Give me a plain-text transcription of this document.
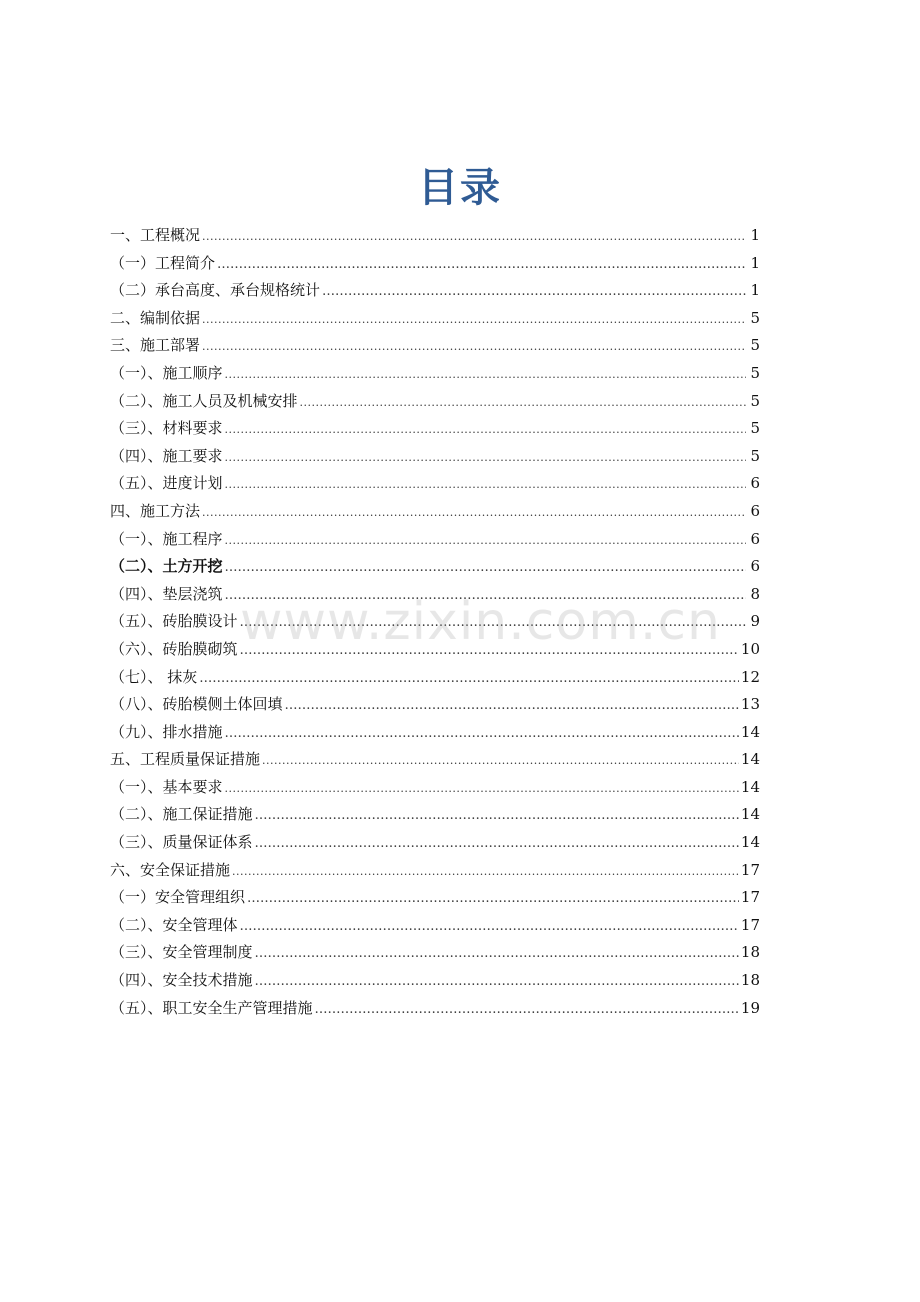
目录
一、工程概况 .....	1
（一）工程简介 …………………………………………………………………………………………………………………………………………	1
（二）承台高度、承台规格统计 …………………………………………………………………………………………………………………………………………	1
二、编制依据 .....	5
三、施工部署 .....	5
（一）、施工顺序 .....	5
（二）、施工人员及机械安排 .....	5
（三）、材料要求 .....	5
（四）、施工要求 .....	5
（五）、进度计划 .....	6
四、施工方法 .....	6
（一）、施工程序 .....	6
（二）、土方开挖 …………………………………………………………………………………………………………………………………………	6
（四）、垫层浇筑 …………………………………………………………………………………………………………………………………………	8
（五）、砖胎膜设计 …………………………………………………………………………………………………………………………………………	9
（六）、砖胎膜砌筑 …………………………………………………………………………………………………………………………………………	10
（七）、 抹灰 …………………………………………………………………………………………………………………………………………	12
（八）、砖胎模侧土体回填 …………………………………………………………………………………………………………………………………………	13
（九）、排水措施 …………………………………………………………………………………………………………………………………………	14
五、工程质量保证措施 .....	14
（一）、基本要求 .....	14
（二）、施工保证措施 …………………………………………………………………………………………………………………………………………	14
（三）、质量保证体系 …………………………………………………………………………………………………………………………………………	14
六、安全保证措施 .....	17
（一）安全管理组织 …………………………………………………………………………………………………………………………………………	17
（二）、安全管理体 …………………………………………………………………………………………………………………………………………	17
（三）、安全管理制度 …………………………………………………………………………………………………………………………………………	18
（四）、安全技术措施 …………………………………………………………………………………………………………………………………………	18
（五）、职工安全生产管理措施 …………………………………………………………………………………………………………………………………………	19
www.zixin.com.cn
